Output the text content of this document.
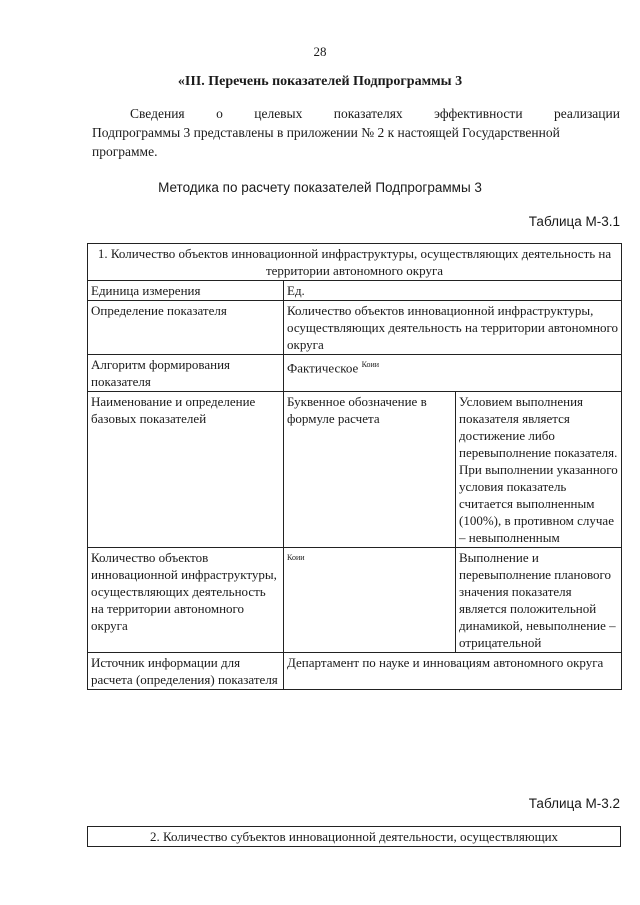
28
«III. Перечень показателей Подпрограммы 3
Сведения о целевых показателях эффективности реализации
Подпрограммы 3 представлены в приложении № 2 к настоящей Государственной
программе.
Методика по расчету показателей Подпрограммы 3
Таблица М-3.1
1. Количество объектов инновационной инфраструктуры, осуществляющих деятельность на территории автономного округа		
Единица измерения	Ед.	
Определение показателя	Количество объектов инновационной инфраструктуры, осуществляющих деятельность на территории автономного округа	
Алгоритм формирования показателя	Фактическое $^{Коии}$
Наименование и определение базовых показателей	Буквенное обозначение в формуле расчета	Условием выполнения показателя является достижение либо перевыполнение показателя. При выполнении указанного условия показатель считается выполненным (100%), в противном случае – невыполненным
Количество объектов инновационной инфраструктуры, осуществляющих деятельность на территории автономного округа	$^{Коии}$	Выполнение и перевыполнение планового значения показателя является положительной динамикой, невыполнение – отрицательной
Источник информации для расчета (определения) показателя	Департамент по науке и инновациям автономного округа	
Таблица М-3.2
2. Количество субъектов инновационной деятельности, осуществляющих
